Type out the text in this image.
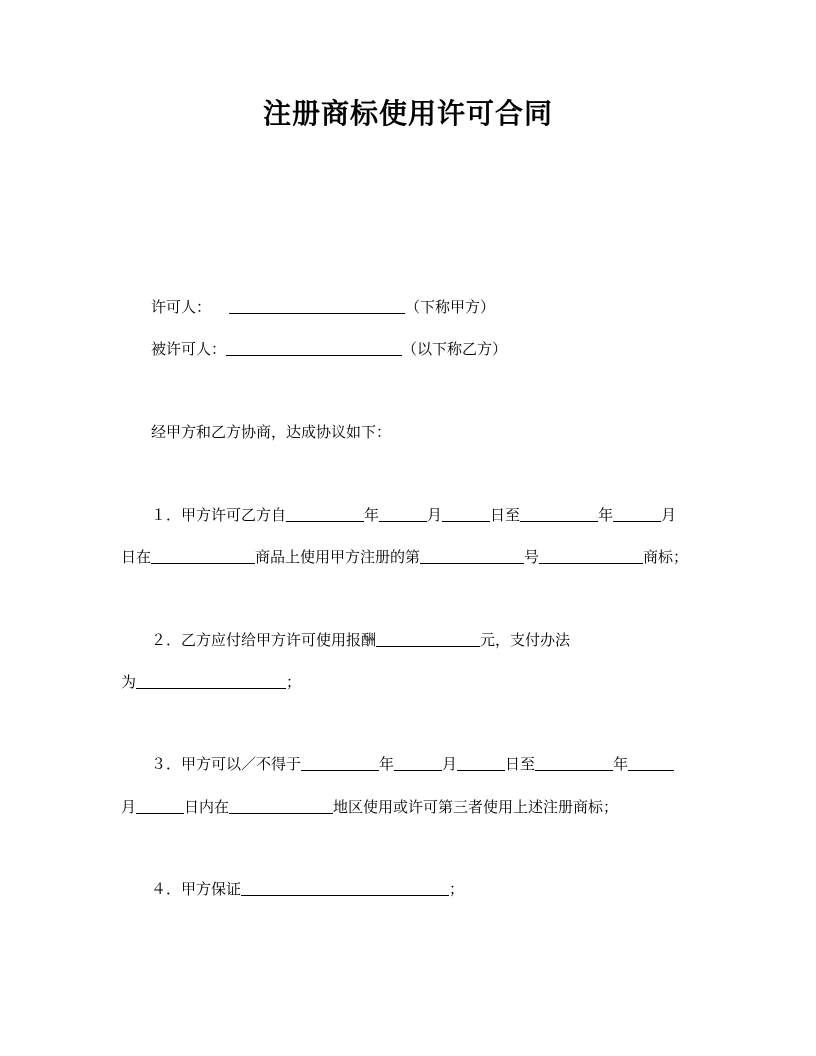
注册商标使用许可合同
许可人：	（下称甲方）
被许可人：	（以下称乙方）
经甲方和乙方协商，达成协议如下：
１．甲方许可乙方自	年	月	日至	年	月
日在	商品上使用甲方注册的第	号	商标；
２．乙方应付给甲方许可使用报酬	元，支付办法
为	；
３．甲方可以／不得于	年	月	日至	年
月	日内在	地区使用或许可第三者使用上述注册商标；
４．甲方保证	；
